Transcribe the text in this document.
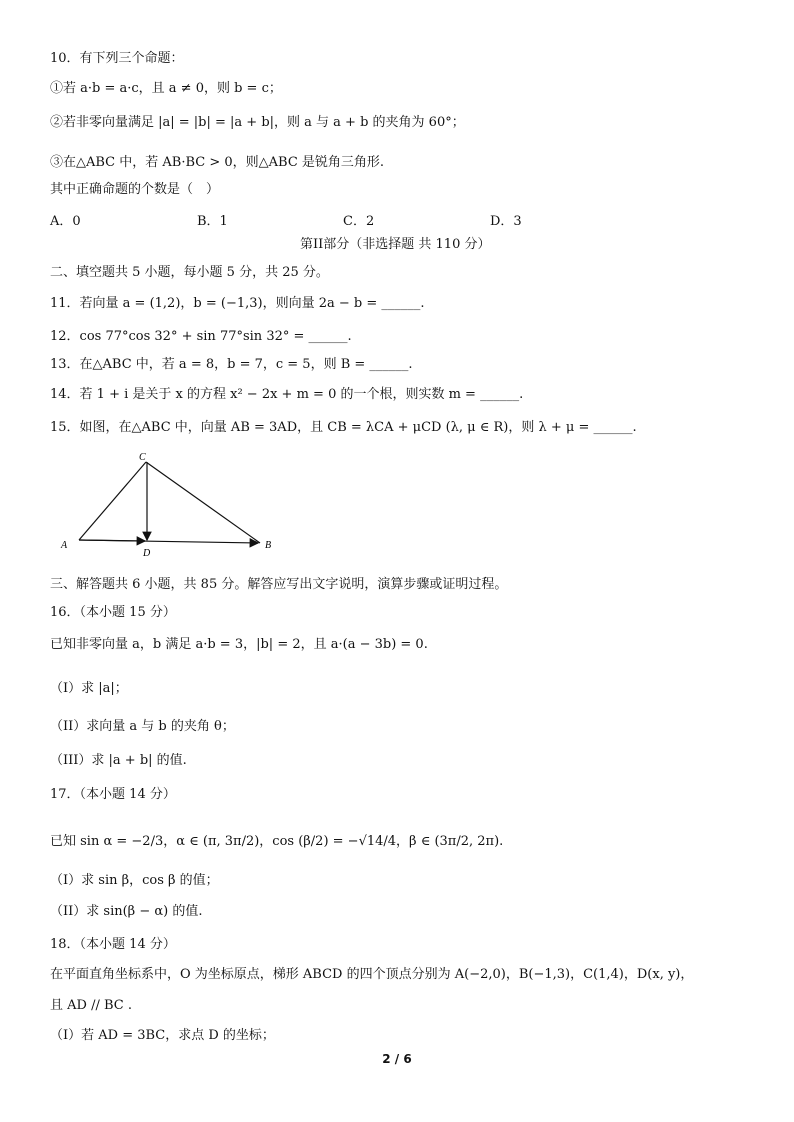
10．有下列三个命题：
①若 a·b = a·c，且 a ≠ 0，则 b = c；
②若非零向量满足 |a| = |b| = |a + b|，则 a 与 a + b 的夹角为 60°；
③在△ABC 中，若 AB·BC > 0，则△ABC 是锐角三角形.
其中正确命题的个数是（　）
A．0	B．1	C．2	D．3
第II部分（非选择题 共 110 分）
二、填空题共 5 小题，每小题 5 分，共 25 分。
11．若向量 a = (1,2)，b = (−1,3)，则向量 2a − b = ______.
12．cos 77°cos 32° + sin 77°sin 32° = ______.
13．在△ABC 中，若 a = 8，b = 7，c = 5，则 B = ______.
14．若 1 + i 是关于 x 的方程 x² − 2x + m = 0 的一个根，则实数 m = ______.
15．如图，在△ABC 中，向量 AB = 3AD，且 CB = λCA + μCD (λ, μ ∈ R)，则 λ + μ = ______.
C
A
D
B
三、解答题共 6 小题，共 85 分。解答应写出文字说明，演算步骤或证明过程。
16．（本小题 15 分）
已知非零向量 a，b 满足 a·b = 3，|b| = 2，且 a·(a − 3b) = 0.
（I）求 |a|；
（II）求向量 a 与 b 的夹角 θ；
（III）求 |a + b| 的值.
17．（本小题 14 分）
已知 sin α = −2/3，α ∈ (π, 3π/2)，cos (β/2) = −√14/4，β ∈ (3π/2, 2π).
（I）求 sin β，cos β 的值；
（II）求 sin(β − α) 的值.
18．（本小题 14 分）
在平面直角坐标系中，O 为坐标原点，梯形 ABCD 的四个顶点分别为 A(−2,0)，B(−1,3)，C(1,4)，D(x, y)，
且 AD // BC .
（I）若 AD = 3BC，求点 D 的坐标；
2 / 6
